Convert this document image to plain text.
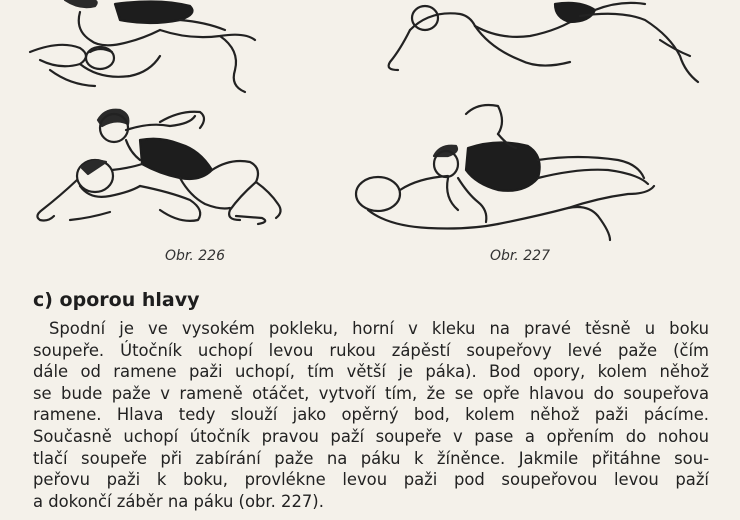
Obr. 226	Obr. 227
c) oporou hlavy
Spodní je ve vysokém pokleku, horní v kleku na pravé těsně u boku
soupeře. Útočník uchopí levou rukou zápěstí soupeřovy levé paže (čím
dále od ramene paži uchopí, tím větší je páka). Bod opory, kolem něhož
se bude paže v rameně otáčet, vytvoří tím, že se opře hlavou do soupeřova
ramene. Hlava tedy slouží jako opěrný bod, kolem něhož paži pácíme.
Současně uchopí útočník pravou paží soupeře v pase a opřením do nohou
tlačí soupeře při zabírání paže na páku k žíněnce. Jakmile přitáhne sou-
peřovu paži k boku, provlékne levou paži pod soupeřovou levou paží
a dokončí záběr na páku (obr. 227).
